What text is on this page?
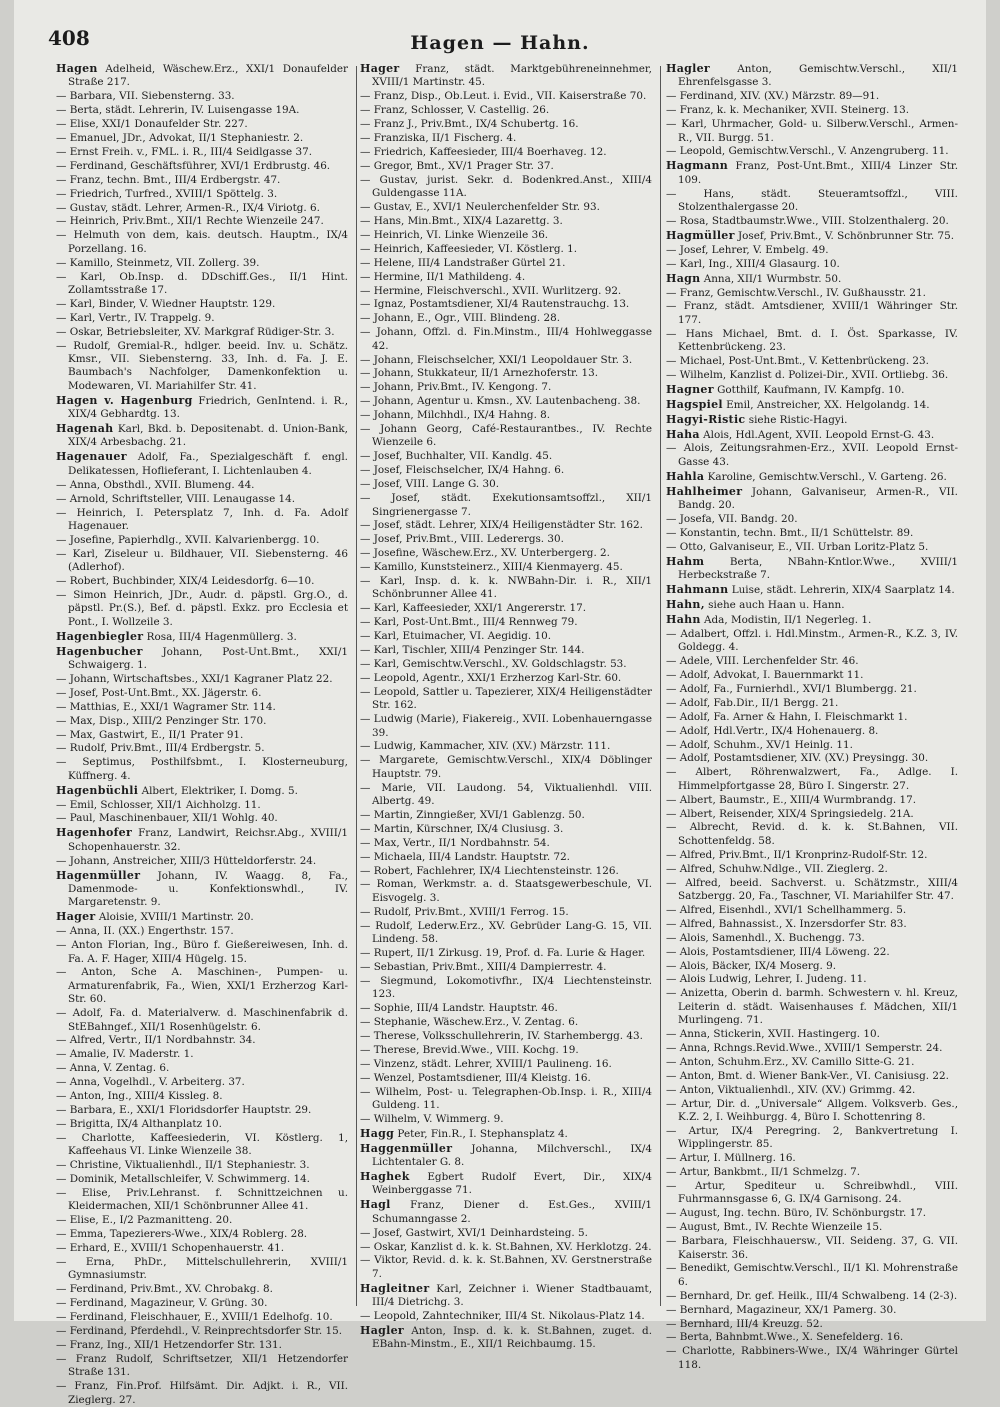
408	Hagen — Hahn.
Hagen Adelheid, Wäschew.Erz., XXI/1 Donaufelder Straße 217.
— Barbara, VII. Siebensterng. 33.
— Berta, städt. Lehrerin, IV. Luisengasse 19A.
— Elise, XXI/1 Donaufelder Str. 227.
— Emanuel, JDr., Advokat, II/1 Stephaniestr. 2.
— Ernst Freih. v., FML. i. R., III/4 Seidlgasse 37.
— Ferdinand, Geschäftsführer, XVI/1 Erdbrustg. 46.
— Franz, techn. Bmt., III/4 Erdbergstr. 47.
— Friedrich, Turfred., XVIII/1 Spöttelg. 3.
— Gustav, städt. Lehrer, Armen-R., IX/4 Viriotg. 6.
— Heinrich, Priv.Bmt., XII/1 Rechte Wienzeile 247.
— Helmuth von dem, kais. deutsch. Hauptm., IX/4 Porzellang. 16.
— Kamillo, Steinmetz, VII. Zollerg. 39.
— Karl, Ob.Insp. d. DDschiff.Ges., II/1 Hint. Zollamtsstraße 17.
— Karl, Binder, V. Wiedner Hauptstr. 129.
— Karl, Vertr., IV. Trappelg. 9.
— Oskar, Betriebsleiter, XV. Markgraf Rüdiger-Str. 3.
— Rudolf, Gremial-R., hdlger. beeid. Inv. u. Schätz. Kmsr., VII. Siebensterng. 33, Inh. d. Fa. J. E. Baumbach's Nachfolger, Damenkonfektion u. Modewaren, VI. Mariahilfer Str. 41.
Hagen v. Hagenburg Friedrich, GenIntend. i. R., XIX/4 Gebhardtg. 13.
Hagenah Karl, Bkd. b. Depositenabt. d. Union-Bank, XIX/4 Arbesbachg. 21.
Hagenauer Adolf, Fa., Spezialgeschäft f. engl. Delikatessen, Hoflieferant, I. Lichtenlauben 4.
— Anna, Obsthdl., XVII. Blumeng. 44.
— Arnold, Schriftsteller, VIII. Lenaugasse 14.
— Heinrich, I. Petersplatz 7, Inh. d. Fa. Adolf Hagenauer.
— Josefine, Papierhdlg., XVII. Kalvarienbergg. 10.
— Karl, Ziseleur u. Bildhauer, VII. Siebensterng. 46 (Adlerhof).
— Robert, Buchbinder, XIX/4 Leidesdorfg. 6—10.
— Simon Heinrich, JDr., Audr. d. päpstl. Grg.O., d. päpstl. Pr.(S.), Bef. d. päpstl. Exkz. pro Ecclesia et Pont., I. Wollzeile 3.
Hagenbiegler Rosa, III/4 Hagenmüllerg. 3.
Hagenbucher Johann, Post-Unt.Bmt., XXI/1 Schwaigerg. 1.
— Johann, Wirtschaftsbes., XXI/1 Kagraner Platz 22.
— Josef, Post-Unt.Bmt., XX. Jägerstr. 6.
— Matthias, E., XXI/1 Wagramer Str. 114.
— Max, Disp., XIII/2 Penzinger Str. 170.
— Max, Gastwirt, E., II/1 Prater 91.
— Rudolf, Priv.Bmt., III/4 Erdbergstr. 5.
— Septimus, Posthilfsbmt., I. Klosterneuburg, Küffnerg. 4.
Hagenbüchli Albert, Elektriker, I. Domg. 5.
— Emil, Schlosser, XII/1 Aichholzg. 11.
— Paul, Maschinenbauer, XII/1 Wohlg. 40.
Hagenhofer Franz, Landwirt, Reichsr.Abg., XVIII/1 Schopenhauerstr. 32.
— Johann, Anstreicher, XIII/3 Hütteldorferstr. 24.
Hagenmüller Johann, IV. Waagg. 8, Fa., Damenmode- u. Konfektionswhdl., IV. Margaretenstr. 9.
Hager Aloisie, XVIII/1 Martinstr. 20.
— Anna, II. (XX.) Engerthstr. 157.
— Anton Florian, Ing., Büro f. Gießereiwesen, Inh. d. Fa. A. F. Hager, XIII/4 Hügelg. 15.
— Anton, Sche A. Maschinen-, Pumpen- u. Armaturenfabrik, Fa., Wien, XXI/1 Erzherzog Karl-Str. 60.
— Adolf, Fa. d. Materialverw. d. Maschinenfabrik d. StEBahngef., XII/1 Rosenhügelstr. 6.
— Alfred, Vertr., II/1 Nordbahnstr. 34.
— Amalie, IV. Maderstr. 1.
— Anna, V. Zentag. 6.
— Anna, Vogelhdl., V. Arbeiterg. 37.
— Anton, Ing., XIII/4 Kissleg. 8.
— Barbara, E., XXI/1 Floridsdorfer Hauptstr. 29.
— Brigitta, IX/4 Althanplatz 10.
— Charlotte, Kaffeesiederin, VI. Köstlerg. 1, Kaffeehaus VI. Linke Wienzeile 38.
— Christine, Viktualienhdl., II/1 Stephaniestr. 3.
— Dominik, Metallschleifer, V. Schwimmerg. 14.
— Elise, Priv.Lehranst. f. Schnittzeichnen u. Kleidermachen, XII/1 Schönbrunner Allee 41.
— Elise, E., I/2 Pazmanitteng. 20.
— Emma, Tapezierers-Wwe., XIX/4 Roblerg. 28.
— Erhard, E., XVIII/1 Schopenhauerstr. 41.
— Erna, PhDr., Mittelschullehrerin, XVIII/1 Gymnasiumstr.
— Ferdinand, Priv.Bmt., XV. Chrobakg. 8.
— Ferdinand, Magazineur, V. Grüng. 30.
— Ferdinand, Fleischhauer, E., XVIII/1 Edelhofg. 10.
— Ferdinand, Pferdehdl., V. Reinprechtsdorfer Str. 15.
— Franz, Ing., XII/1 Hetzendorfer Str. 131.
— Franz Rudolf, Schriftsetzer, XII/1 Hetzendorfer Straße 131.
— Franz, Fin.Prof. Hilfsämt. Dir. Adjkt. i. R., VII. Zieglerg. 27.
Hager Franz, städt. Marktgebühreneinnehmer, XVIII/1 Martinstr. 45.
— Franz, Disp., Ob.Leut. i. Evid., VII. Kaiserstraße 70.
— Franz, Schlosser, V. Castellig. 26.
— Franz J., Priv.Bmt., IX/4 Schubertg. 16.
— Franziska, II/1 Fischerg. 4.
— Friedrich, Kaffeesieder, III/4 Boerhaveg. 12.
— Gregor, Bmt., XV/1 Prager Str. 37.
— Gustav, jurist. Sekr. d. Bodenkred.Anst., XIII/4 Guldengasse 11A.
— Gustav, E., XVI/1 Neulerchenfelder Str. 93.
— Hans, Min.Bmt., XIX/4 Lazarettg. 3.
— Heinrich, VI. Linke Wienzeile 36.
— Heinrich, Kaffeesieder, VI. Köstlerg. 1.
— Helene, III/4 Landstraßer Gürtel 21.
— Hermine, II/1 Mathildeng. 4.
— Hermine, Fleischverschl., XVII. Wurlitzerg. 92.
— Ignaz, Postamtsdiener, XI/4 Rautenstrauchg. 13.
— Johann, E., Ogr., VIII. Blindeng. 28.
— Johann, Offzl. d. Fin.Minstm., III/4 Hohlweggasse 42.
— Johann, Fleischselcher, XXI/1 Leopoldauer Str. 3.
— Johann, Stukkateur, II/1 Arnezhoferstr. 13.
— Johann, Priv.Bmt., IV. Kengong. 7.
— Johann, Agentur u. Kmsn., XV. Lautenbacheng. 38.
— Johann, Milchhdl., IX/4 Hahng. 8.
— Johann Georg, Café-Restaurantbes., IV. Rechte Wienzeile 6.
— Josef, Buchhalter, VII. Kandlg. 45.
— Josef, Fleischselcher, IX/4 Hahng. 6.
— Josef, VIII. Lange G. 30.
— Josef, städt. Exekutionsamtsoffzl., XII/1 Singrienergasse 7.
— Josef, städt. Lehrer, XIX/4 Heiligenstädter Str. 162.
— Josef, Priv.Bmt., VIII. Lederergs. 30.
— Josefine, Wäschew.Erz., XV. Unterbergerg. 2.
— Kamillo, Kunststeinerz., XIII/4 Kienmayerg. 45.
— Karl, Insp. d. k. k. NWBahn-Dir. i. R., XII/1 Schönbrunner Allee 41.
— Karl, Kaffeesieder, XXI/1 Angererstr. 17.
— Karl, Post-Unt.Bmt., III/4 Rennweg 79.
— Karl, Etuimacher, VI. Aegidig. 10.
— Karl, Tischler, XIII/4 Penzinger Str. 144.
— Karl, Gemischtw.Verschl., XV. Goldschlagstr. 53.
— Leopold, Agentr., XXI/1 Erzherzog Karl-Str. 60.
— Leopold, Sattler u. Tapezierer, XIX/4 Heiligenstädter Str. 162.
— Ludwig (Marie), Fiakereig., XVII. Lobenhauerngasse 39.
— Ludwig, Kammacher, XIV. (XV.) Märzstr. 111.
— Margarete, Gemischtw.Verschl., XIX/4 Döblinger Hauptstr. 79.
— Marie, VII. Laudong. 54, Viktualienhdl. VIII. Albertg. 49.
— Martin, Zinngießer, XVI/1 Gablenzg. 50.
— Martin, Kürschner, IX/4 Clusiusg. 3.
— Max, Vertr., II/1 Nordbahnstr. 54.
— Michaela, III/4 Landstr. Hauptstr. 72.
— Robert, Fachlehrer, IX/4 Liechtensteinstr. 126.
— Roman, Werkmstr. a. d. Staatsgewerbeschule, VI. Eisvogelg. 3.
— Rudolf, Priv.Bmt., XVIII/1 Ferrog. 15.
— Rudolf, Lederw.Erz., XV. Gebrüder Lang-G. 15, VII. Lindeng. 58.
— Rupert, II/1 Zirkusg. 19, Prof. d. Fa. Lurie & Hager.
— Sebastian, Priv.Bmt., XIII/4 Dampierrestr. 4.
— Siegmund, Lokomotivfhr., IX/4 Liechtensteinstr. 123.
— Sophie, III/4 Landstr. Hauptstr. 46.
— Stephanie, Wäschew.Erz., V. Zentag. 6.
— Therese, Volksschullehrerin, IV. Starhembergg. 43.
— Therese, Brevid.Wwe., VIII. Kochg. 19.
— Vinzenz, städt. Lehrer, XVIII/1 Paulineng. 16.
— Wenzel, Postamtsdiener, III/4 Kleistg. 16.
— Wilhelm, Post- u. Telegraphen-Ob.Insp. i. R., XIII/4 Guldeng. 11.
— Wilhelm, V. Wimmerg. 9.
Hagg Peter, Fin.R., I. Stephansplatz 4.
Haggenmüller Johanna, Milchverschl., IX/4 Lichtentaler G. 8.
Haghek Egbert Rudolf Evert, Dir., XIX/4 Weinberggasse 71.
Hagl Franz, Diener d. Est.Ges., XVIII/1 Schumanngasse 2.
— Josef, Gastwirt, XVI/1 Deinhardsteing. 5.
— Oskar, Kanzlist d. k. k. St.Bahnen, XV. Herklotzg. 24.
— Viktor, Revid. d. k. k. St.Bahnen, XV. Gerstnerstraße 7.
Hagleitner Karl, Zeichner i. Wiener Stadtbauamt, III/4 Dietrichg. 3.
— Leopold, Zahntechniker, III/4 St. Nikolaus-Platz 14.
Hagler Anton, Insp. d. k. k. St.Bahnen, zuget. d. EBahn-Minstm., E., XII/1 Reichbaumg. 15.
Hagler	Anton, Gemischtw.Verschl., XII/1 Ehrenfelsgasse 3.
— Ferdinand, XIV. (XV.) Märzstr. 89—91.
— Franz, k. k. Mechaniker, XVII. Steinerg. 13.
— Karl, Uhrmacher, Gold- u. Silberw.Verschl., Armen-R., VII. Burgg. 51.
— Leopold, Gemischtw.Verschl., V. Anzengruberg. 11.
Hagmann Franz, Post-Unt.Bmt., XIII/4 Linzer Str. 109.
— Hans, städt. Steueramtsoffzl., VIII. Stolzenthalergasse 20.
— Rosa, Stadtbaumstr.Wwe., VIII. Stolzenthalerg. 20.
Hagmüller Josef, Priv.Bmt., V. Schönbrunner Str. 75.
— Josef, Lehrer, V. Embelg. 49.
— Karl, Ing., XIII/4 Glasaurg. 10.
Hagn Anna, XII/1 Wurmbstr. 50.
— Franz, Gemischtw.Verschl., IV. Gußhausstr. 21.
— Franz, städt. Amtsdiener, XVIII/1 Währinger Str. 177.
— Hans Michael, Bmt. d. I. Öst. Sparkasse, IV. Kettenbrückeng. 23.
— Michael, Post-Unt.Bmt., V. Kettenbrückeng. 23.
— Wilhelm, Kanzlist d. Polizei-Dir., XVII. Ortliebg. 36.
Hagner Gotthilf, Kaufmann, IV. Kampfg. 10.
Hagspiel Emil, Anstreicher, XX. Helgolandg. 14.
Hagyi-Ristic siehe Ristic-Hagyi.
Haha Alois, Hdl.Agent, XVII. Leopold Ernst-G. 43.
— Alois, Zeitungsrahmen-Erz., XVII. Leopold Ernst-Gasse 43.
Hahla Karoline, Gemischtw.Verschl., V. Garteng. 26.
Hahlheimer Johann, Galvaniseur, Armen-R., VII. Bandg. 20.
— Josefa, VII. Bandg. 20.
— Konstantin, techn. Bmt., II/1 Schüttelstr. 89.
— Otto, Galvaniseur, E., VII. Urban Loritz-Platz 5.
Hahm Berta, NBahn-Kntlor.Wwe., XVIII/1 Herbeckstraße 7.
Hahmann Luise, städt. Lehrerin, XIX/4 Saarplatz 14.
Hahn, siehe auch Haan u. Hann.
Hahn Ada, Modistin, II/1 Negerleg. 1.
— Adalbert, Offzl. i. Hdl.Minstm., Armen-R., K.Z. 3, IV. Goldegg. 4.
— Adele, VIII. Lerchenfelder Str. 46.
— Adolf, Advokat, I. Bauernmarkt 11.
— Adolf, Fa., Furnierhdl., XVI/1 Blumbergg. 21.
— Adolf, Fab.Dir., II/1 Bergg. 21.
— Adolf, Fa. Arner & Hahn, I. Fleischmarkt 1.
— Adolf, Hdl.Vertr., IX/4 Hohenauerg. 8.
— Adolf, Schuhm., XV/1 Heinlg. 11.
— Adolf, Postamtsdiener, XIV. (XV.) Preysingg. 30.
— Albert, Röhrenwalzwert, Fa., Adlge. I. Himmelpfortgasse 28, Büro I. Singerstr. 27.
— Albert, Baumstr., E., XIII/4 Wurmbrandg. 17.
— Albert, Reisender, XIX/4 Springsiedelg. 21A.
— Albrecht, Revid. d. k. k. St.Bahnen, VII. Schottenfeldg. 58.
— Alfred, Priv.Bmt., II/1 Kronprinz-Rudolf-Str. 12.
— Alfred, Schuhw.Ndlge., VII. Zieglerg. 2.
— Alfred, beeid. Sachverst. u. Schätzmstr., XIII/4 Satzbergg. 20, Fa., Taschner, VI. Mariahilfer Str. 47.
— Alfred, Eisenhdl., XVI/1 Schellhammerg. 5.
— Alfred, Bahnassist., X. Inzersdorfer Str. 83.
— Alois, Samenhdl., X. Buchengg. 73.
— Alois, Postamtsdiener, III/4 Löweng. 22.
— Alois, Bäcker, IX/4 Moserg. 9.
— Alois Ludwig, Lehrer, I. Judeng. 11.
— Anizetta, Oberin d. barmh. Schwestern v. hl. Kreuz, Leiterin d. städt. Waisenhauses f. Mädchen, XII/1 Murlingeng. 71.
— Anna, Stickerin, XVII. Hastingerg. 10.
— Anna, Rchngs.Revid.Wwe., XVIII/1 Semperstr. 24.
— Anton, Schuhm.Erz., XV. Camillo Sitte-G. 21.
— Anton, Bmt. d. Wiener Bank-Ver., VI. Canisiusg. 22.
— Anton, Viktualienhdl., XIV. (XV.) Grimmg. 42.
— Artur, Dir. d. „Universale“ Allgem. Volksverb. Ges., K.Z. 2, I. Weihburgg. 4, Büro I. Schottenring 8.
— Artur, IX/4 Peregring. 2, Bankvertretung I. Wipplingerstr. 85.
— Artur, I. Müllnerg. 16.
— Artur, Bankbmt., II/1 Schmelzg. 7.
— Artur, Spediteur u. Schreibwhdl., VIII. Fuhrmannsgasse 6, G. IX/4 Garnisong. 24.
— August, Ing. techn. Büro, IV. Schönburgstr. 17.
— August, Bmt., IV. Rechte Wienzeile 15.
— Barbara, Fleischhauersw., VII. Seideng. 37, G. VII. Kaiserstr. 36.
— Benedikt, Gemischtw.Verschl., II/1 Kl. Mohrenstraße 6.
— Bernhard, Dr. gef. Heilk., III/4 Schwalbeng. 14 (2-3).
— Bernhard, Magazineur, XX/1 Pamerg. 30.
— Bernhard, III/4 Kreuzg. 52.
— Berta, Bahnbmt.Wwe., X. Senefelderg. 16.
— Charlotte, Rabbiners-Wwe., IX/4 Währinger Gürtel 118.
